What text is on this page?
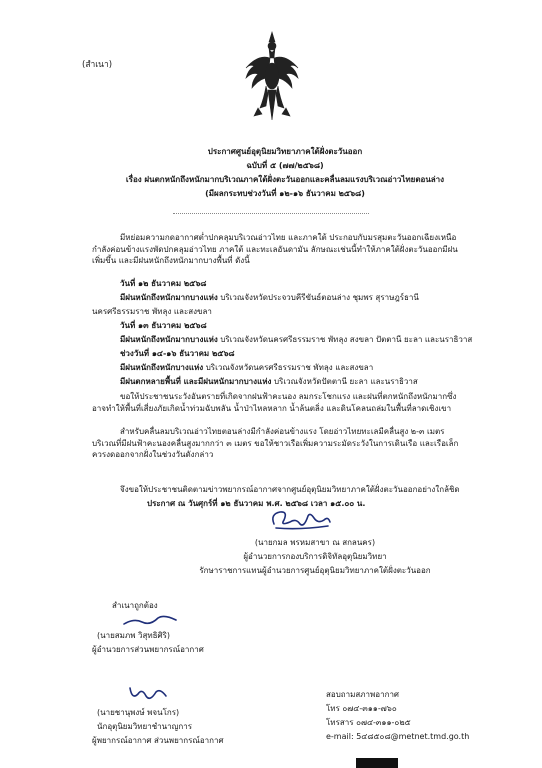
(สำเนา)
ประกาศศูนย์อุตุนิยมวิทยาภาคใต้ฝั่งตะวันออก
ฉบับที่ ๕ (๗๗/๒๕๖๘)
เรื่อง ฝนตกหนักถึงหนักมากบริเวณภาคใต้ฝั่งตะวันออกและคลื่นลมแรงบริเวณอ่าวไทยตอนล่าง
(มีผลกระทบช่วงวันที่ ๑๒-๑๖ ธันวาคม ๒๕๖๘)
มีหย่อมความกดอากาศต่ำปกคลุมบริเวณอ่าวไทย และภาคใต้ ประกอบกับมรสุมตะวันออกเฉียงเหนือกำลังค่อนข้างแรงพัดปกคลุมอ่าวไทย ภาคใต้ และทะเลอันดามัน ลักษณะเช่นนี้ทำให้ภาคใต้ฝั่งตะวันออกมีฝนเพิ่มขึ้น และมีฝนหนักถึงหนักมากบางพื้นที่ ดังนี้
วันที่ ๑๒ ธันวาคม ๒๕๖๘
มีฝนหนักถึงหนักมากบางแห่ง บริเวณจังหวัดประจวบคีรีขันธ์ตอนล่าง ชุมพร สุราษฎร์ธานี
นครศรีธรรมราช พัทลุง และสงขลา
วันที่ ๑๓ ธันวาคม ๒๕๖๘
มีฝนหนักถึงหนักมากบางแห่ง บริเวณจังหวัดนครศรีธรรมราช พัทลุง สงขลา ปัตตานี ยะลา และนราธิวาส
ช่วงวันที่ ๑๔-๑๖ ธันวาคม ๒๕๖๘
มีฝนหนักถึงหนักบางแห่ง บริเวณจังหวัดนครศรีธรรมราช พัทลุง และสงขลา
มีฝนตกหลายพื้นที่ และมีฝนหนักมากบางแห่ง บริเวณจังหวัดปัตตานี ยะลา และนราธิวาส
ขอให้ประชาชนระวังอันตรายที่เกิดจากฝนฟ้าคะนอง ลมกระโชกแรง และฝนที่ตกหนักถึงหนักมากซึ่งอาจทำให้พื้นที่เสี่ยงภัยเกิดน้ำท่วมฉับพลัน น้ำป่าไหลหลาก น้ำล้นตลิ่ง และดินโคลนถล่มในพื้นที่ลาดเชิงเขา
สำหรับคลื่นลมบริเวณอ่าวไทยตอนล่างมีกำลังค่อนข้างแรง โดยอ่าวไทยทะเลมีคลื่นสูง ๒-๓ เมตร บริเวณที่มีฝนฟ้าคะนองคลื่นสูงมากกว่า ๓ เมตร ขอให้ชาวเรือเพิ่มความระมัดระวังในการเดินเรือ และเรือเล็กควรงดออกจากฝั่งในช่วงวันดังกล่าว
จึงขอให้ประชาชนติดตามข่าวพยากรณ์อากาศจากศูนย์อุตุนิยมวิทยาภาคใต้ฝั่งตะวันออกอย่างใกล้ชิด
ประกาศ ณ วันศุกร์ที่ ๑๒ ธันวาคม พ.ศ. ๒๕๖๘ เวลา ๑๕.๐๐ น.
(นายกมล พรหมสาขา ณ สกลนคร)
ผู้อำนวยการกองบริการดิจิทัลอุตุนิยมวิทยา
รักษาราชการแทนผู้อำนวยการศูนย์อุตุนิยมวิทยาภาคใต้ฝั่งตะวันออก
สำเนาถูกต้อง
(นายสมภพ วิสุทธิศิริ)
ผู้อำนวยการส่วนพยากรณ์อากาศ
(นายชานุพงษ์ พจนโกร)
นักอุตุนิยมวิทยาชำนาญการ
ผู้พยากรณ์อากาศ ส่วนพยากรณ์อากาศ
สอบถามสภาพอากาศ
โทร ๐๗๔-๓๑๑-๗๖๐
โทรสาร ๐๗๔-๓๑๑-๐๒๕
e-mail: 5๔๘๕๐๘@metnet.tmd.go.th
